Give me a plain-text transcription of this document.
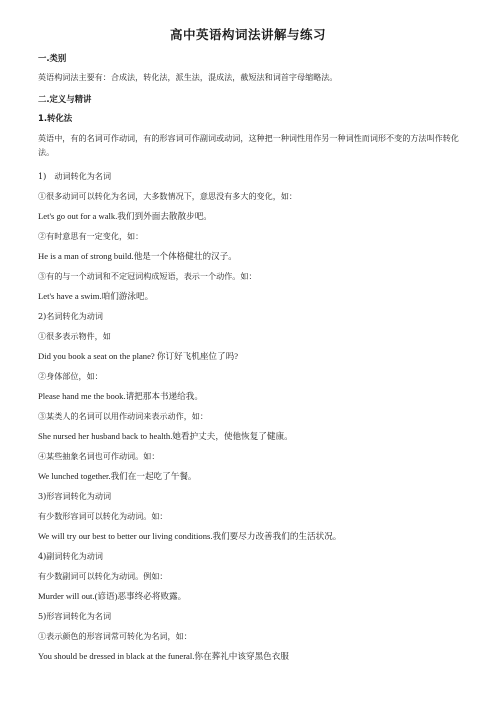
高中英语构词法讲解与练习
一.类别
英语构词法主要有：合成法，转化法，派生法，混成法，截短法和词首字母缩略法。
二.定义与精讲
1.转化法
英语中，有的名词可作动词，有的形容词可作副词或动词，这种把一种词性用作另一种词性而词形不变的方法叫作转化法。
1)　动词转化为名词
①很多动词可以转化为名词，大多数情况下，意思没有多大的变化，如：
Let's go out for a walk.我们到外面去散散步吧。
②有时意思有一定变化，如：
He is a man of strong build.他是一个体格健壮的汉子。
③有的与一个动词和不定冠词构成短语，表示一个动作。如：
Let's have a swim.咱们游泳吧。
2)名词转化为动词
①很多表示物件，如
Did you book a seat on the plane? 你订好飞机座位了吗?
②身体部位，如：
Please hand me the book.请把那本书递给我。
③某类人的名词可以用作动词来表示动作，如：
She nursed her husband back to health.她看护丈夫，使他恢复了健康。
④某些抽象名词也可作动词。如：
We lunched together.我们在一起吃了午餐。
3)形容词转化为动词
有少数形容词可以转化为动词。如：
We will try our best to better our living conditions.我们要尽力改善我们的生活状况。
4)副词转化为动词
有少数副词可以转化为动词。例如：
Murder will out.(谚语)恶事终必将败露。
5)形容词转化为名词
①表示颜色的形容词常可转化为名词，如：
You should be dressed in black at the funeral.你在葬礼中该穿黑色衣服
